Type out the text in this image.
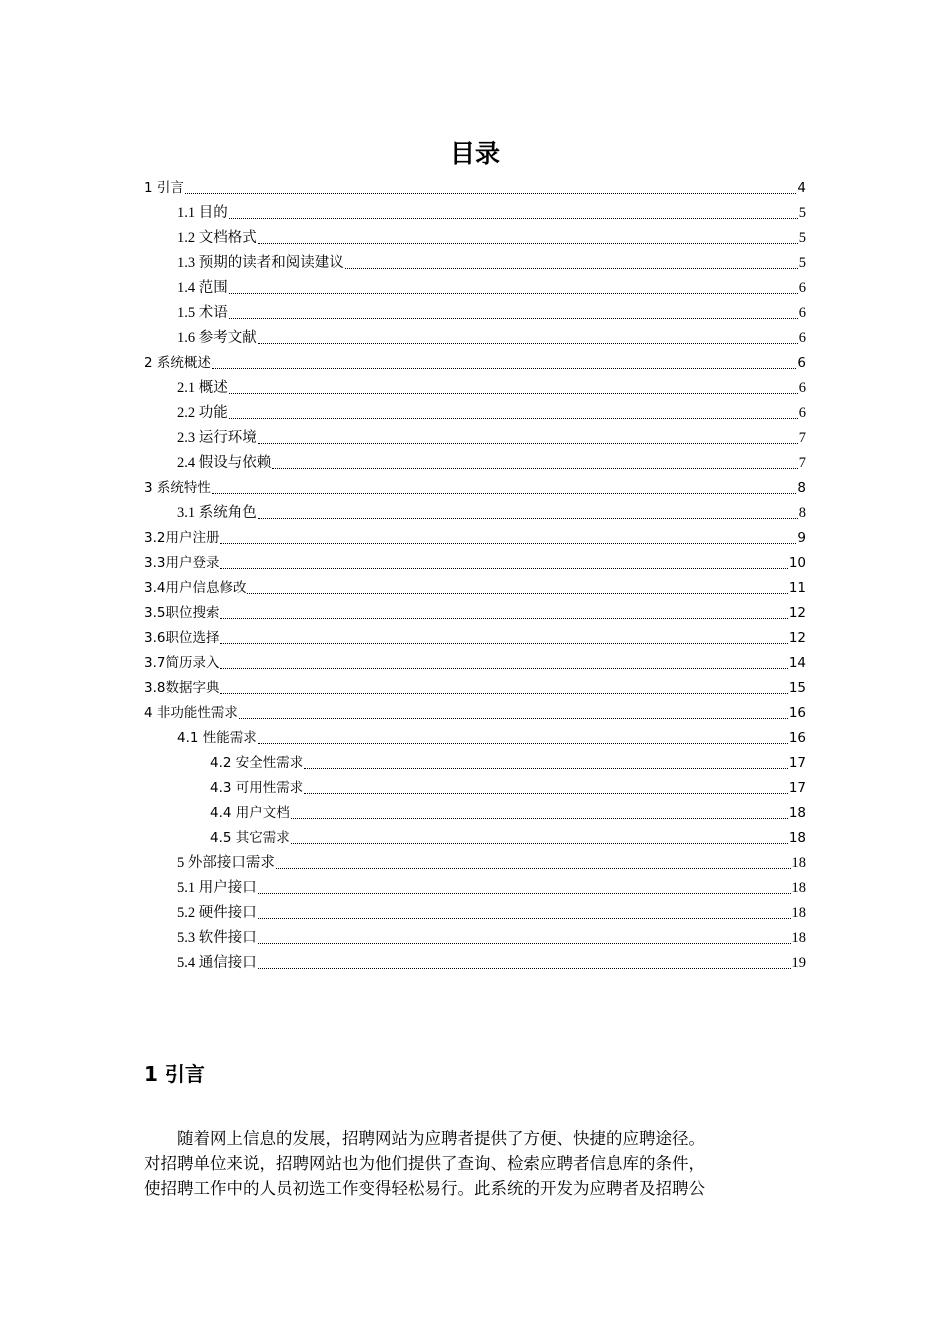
目录
1 引言	4
1.1 目的	5
1.2 文档格式	5
1.3 预期的读者和阅读建议	5
1.4 范围	6
1.5 术语	6
1.6 参考文献	6
2 系统概述	6
2.1 概述	6
2.2 功能	6
2.3 运行环境	7
2.4 假设与依赖	7
3 系统特性	8
3.1 系统角色	8
3.2用户注册	9
3.3用户登录	10
3.4用户信息修改	11
3.5职位搜索	12
3.6职位选择	12
3.7简历录入	14
3.8数据字典	15
4 非功能性需求	16
4.1 性能需求	16
4.2 安全性需求	17
4.3 可用性需求	17
4.4 用户文档	18
4.5 其它需求	18
5 外部接口需求	18
5.1 用户接口	18
5.2 硬件接口	18
5.3 软件接口	18
5.4 通信接口	19
1 引言

随着网上信息的发展，招聘网站为应聘者提供了方便、快捷的应聘途径。
对招聘单位来说，招聘网站也为他们提供了查询、检索应聘者信息库的条件，
使招聘工作中的人员初选工作变得轻松易行。此系统的开发为应聘者及招聘公
